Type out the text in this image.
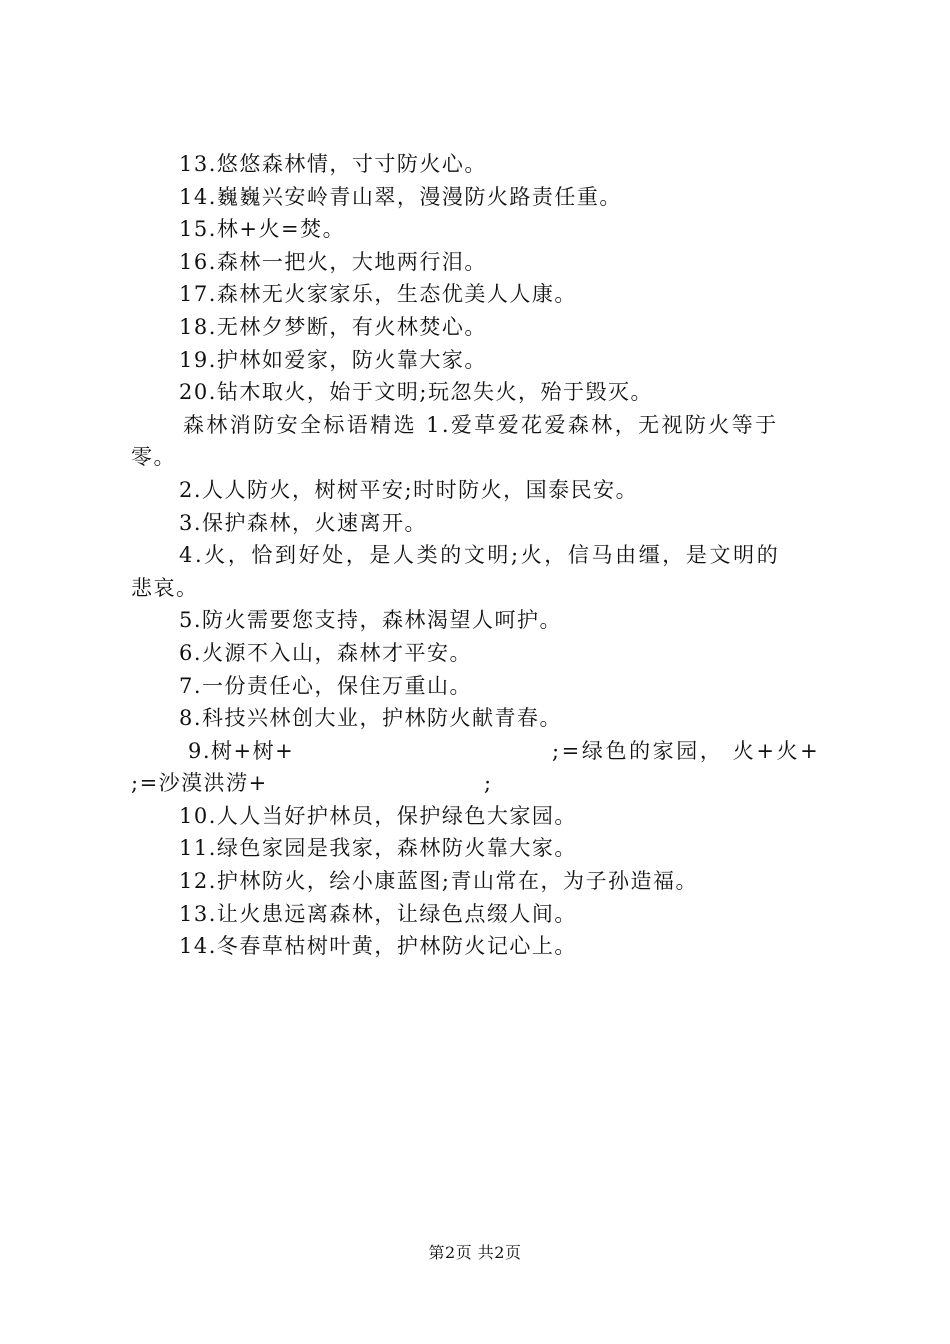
13.悠悠森林情，寸寸防火心。
14.巍巍兴安岭青山翠，漫漫防火路责任重。
15.林+火=焚。
16.森林一把火，大地两行泪。
17.森林无火家家乐，生态优美人人康。
18.无林夕梦断，有火林焚心。
19.护林如爱家，防火靠大家。
20.钻木取火，始于文明;玩忽失火，殆于毁灭。
森林消防安全标语精选 1.爱草爱花爱森林，无视防火等于
零。
2.人人防火，树树平安;时时防火，国泰民安。
3.保护森林，火速离开。
4.火，恰到好处，是人类的文明;火，信马由缰，是文明的
悲哀。
5.防火需要您支持，森林渴望人呵护。
6.火源不入山，森林才平安。
7.一份责任心，保住万重山。
8.科技兴林创大业，护林防火献青春。
9.树+树+	;=绿色的家园， 火+火+
;=沙漠洪涝+	;
10.人人当好护林员，保护绿色大家园。
11.绿色家园是我家，森林防火靠大家。
12.护林防火，绘小康蓝图;青山常在，为子孙造福。
13.让火患远离森林，让绿色点缀人间。
14.冬春草枯树叶黄，护林防火记心上。
第2页 共2页
